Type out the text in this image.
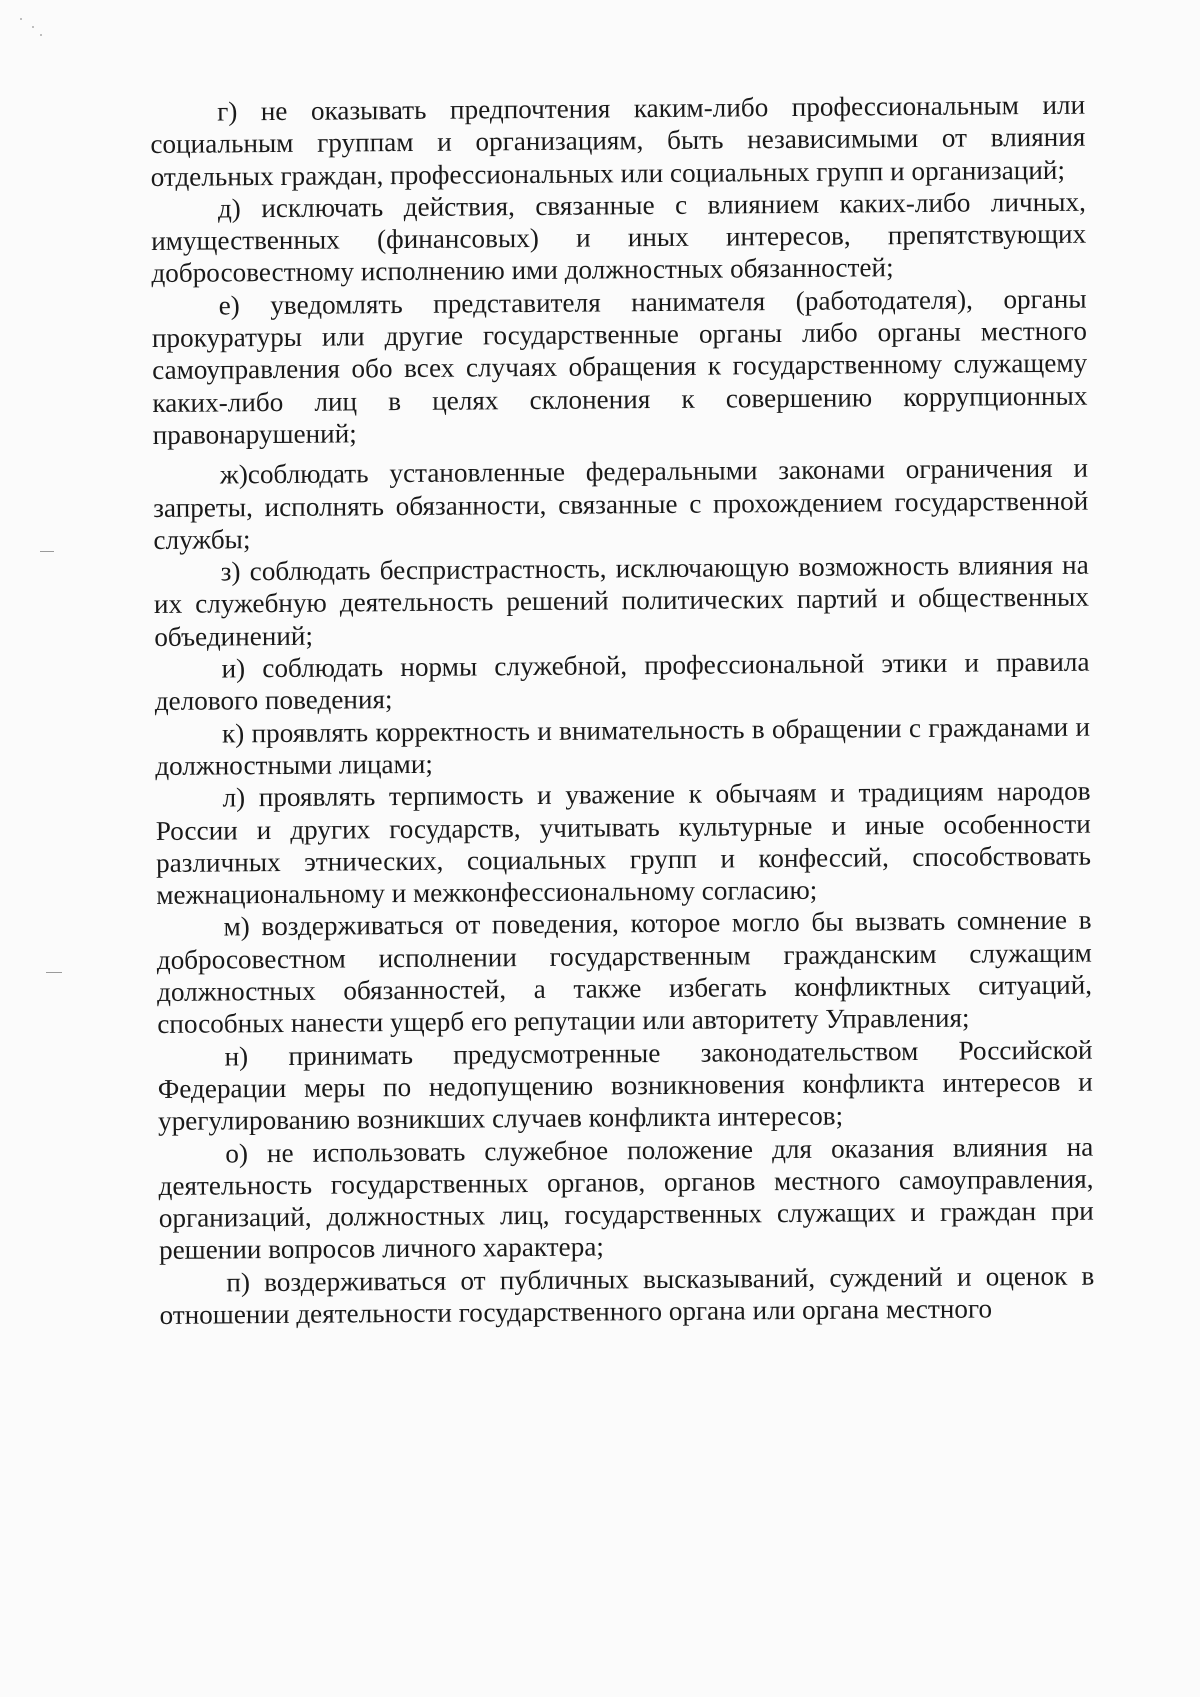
г) не оказывать предпочтения каким-либо профессиональным или социальным группам и организациям, быть независимыми от влияния отдельных граждан, профессиональных или социальных групп и организаций;

д) исключать действия, связанные с влиянием каких-либо личных, имущественных (финансовых) и иных интересов, препятствующих добросовестному исполнению ими должностных обязанностей;

е) уведомлять представителя нанимателя (работодателя), органы прокуратуры или другие государственные органы либо органы местного самоуправления обо всех случаях обращения к государственному служащему каких-либо лиц в целях склонения к совершению коррупционных правонарушений;

ж)соблюдать установленные федеральными законами ограничения и запреты, исполнять обязанности, связанные с прохождением государственной службы;

з) соблюдать беспристрастность, исключающую возможность влияния на их служебную деятельность решений политических партий и общественных объединений;

и) соблюдать нормы служебной, профессиональной этики и правила делового поведения;

к) проявлять корректность и внимательность в обращении с гражданами и должностными лицами;

л) проявлять терпимость и уважение к обычаям и традициям народов России и других государств, учитывать культурные и иные особенности различных этнических, социальных групп и конфессий, способствовать межнациональному и межконфессиональному согласию;

м) воздерживаться от поведения, которое могло бы вызвать сомнение в добросовестном исполнении государственным гражданским служащим должностных обязанностей, а также избегать конфликтных ситуаций, способных нанести ущерб его репутации или авторитету Управления;

н) принимать предусмотренные законодательством Российской Федерации меры по недопущению возникновения конфликта интересов и урегулированию возникших случаев конфликта интересов;

о) не использовать служебное положение для оказания влияния на деятельность государственных органов, органов местного самоуправления, организаций, должностных лиц, государственных служащих и граждан при решении вопросов личного характера;

п) воздерживаться от публичных высказываний, суждений и оценок в отношении деятельности государственного органа или органа местного
